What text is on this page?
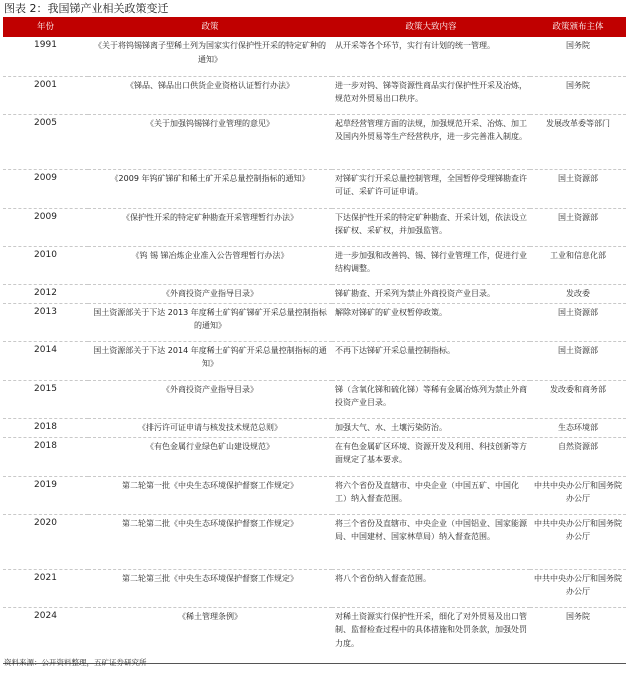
图表 2：我国锑产业相关政策变迁
年份	政策	政策大致内容	政策颁布主体
1991	《关于将钨锡锑离子型稀土列为国家实行保护性开采的特定矿种的通知》	从开采等各个环节，实行有计划的统一管理。	国务院
2001	《锑品、锑品出口供货企业资格认证暂行办法》	进一步对钨、锑等资源性商品实行保护性开采及冶炼，规范对外贸易出口秩序。	国务院
2005	《关于加强钨锡锑行业管理的意见》	起草经营管理方面的法规，加强规范开采、冶炼、加工及国内外贸易等生产经营秩序，进一步完善准入制度。	发展改革委等部门
2009	《2009 年钨矿锑矿和稀土矿开采总量控制指标的通知》	对锑矿实行开采总量控制管理，全国暂停受理锑勘查许可证、采矿许可证申请。	国土资源部
2009	《保护性开采的特定矿种勘查开采管理暂行办法》	下达保护性开采的特定矿种勘查、开采计划，依法设立探矿权、采矿权，并加强监管。	国土资源部
2010	《钨 锡 锑冶炼企业准入公告管理暂行办法》	进一步加强和改善钨、锡、锑行业管理工作，促进行业结构调整。	工业和信息化部
2012	《外商投资产业指导目录》	锑矿勘查、开采列为禁止外商投资产业目录。	发改委
2013	国土资源部关于下达 2013 年度稀土矿钨矿锑矿开采总量控制指标的通知》	解除对锑矿的矿业权暂停政策。	国土资源部
2014	国土资源部关于下达 2014 年度稀土矿钨矿开采总量控制指标的通知》	不再下达锑矿开采总量控制指标。	国土资源部
2015	《外商投资产业指导目录》	锑（含氧化锑和硫化锑）等稀有金属冶炼列为禁止外商投资产业目录。	发改委和商务部
2018	《排污许可证申请与核发技术规范总则》	加强大气、水、土壤污染防治。	生态环境部
2018	《有色金属行业绿色矿山建设规范》	在有色金属矿区环境、资源开发及利用、科技创新等方面规定了基本要求。	自然资源部
2019	第二轮第一批《中央生态环境保护督察工作规定》	将六个省份及直辖市、中央企业（中国五矿、中国化工）纳入督查范围。	中共中央办公厅和国务院办公厅
2020	第二轮第二批《中央生态环境保护督察工作规定》	将三个省份及直辖市、中央企业（中国铝业、国家能源局、中国建材、国家林草局）纳入督查范围。	中共中央办公厅和国务院办公厅
2021	第二轮第三批《中央生态环境保护督察工作规定》	将八个省份纳入督查范围。	中共中央办公厅和国务院办公厅
2024	《稀土管理条例》	对稀土资源实行保护性开采，细化了对外贸易及出口管制、监督检查过程中的具体措施和处罚条款，加强处罚力度。	国务院
资料来源：公开资料整理，五矿证券研究所
